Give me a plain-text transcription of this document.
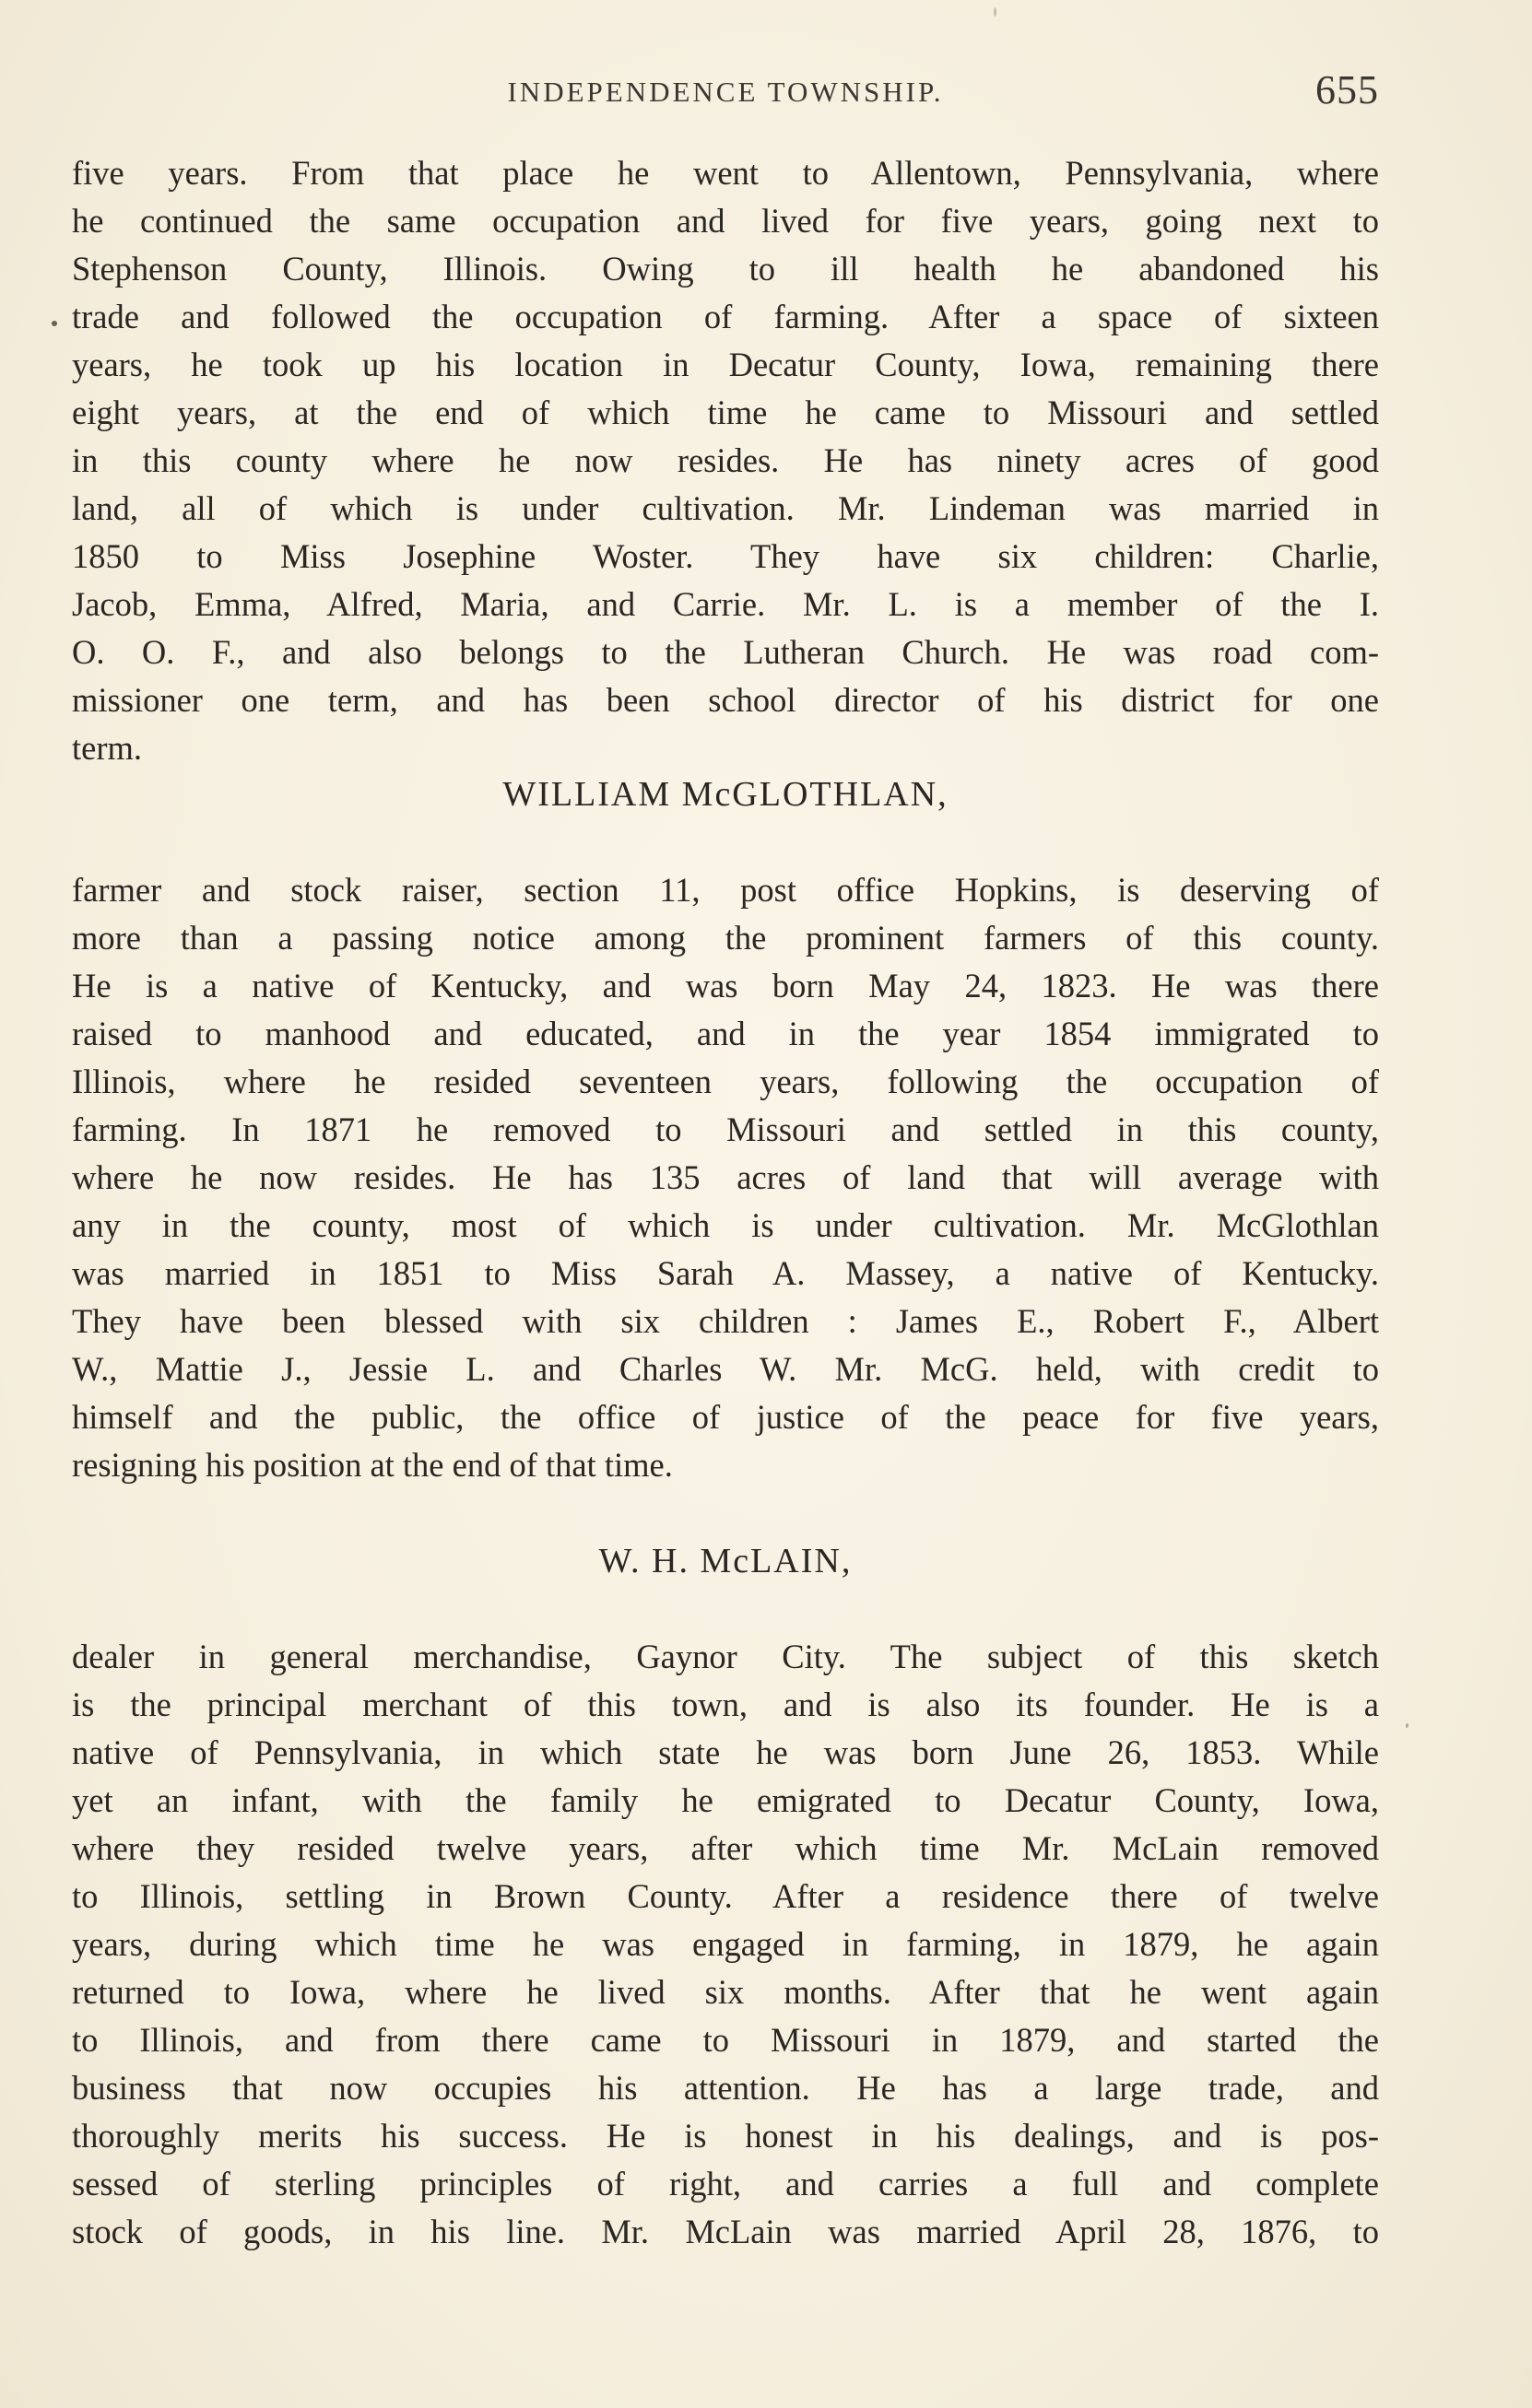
INDEPENDENCE TOWNSHIP.	655
five years. From that place he went to Allentown, Pennsylvania, where
he continued the same occupation and lived for five years, going next to
Stephenson County, Illinois. Owing to ill health he abandoned his
trade and followed the occupation of farming. After a space of sixteen
years, he took up his location in Decatur County, Iowa, remaining there
eight years, at the end of which time he came to Missouri and settled
in this county where he now resides. He has ninety acres of good
land, all of which is under cultivation. Mr. Lindeman was married in
1850 to Miss Josephine Woster. They have six children: Charlie,
Jacob, Emma, Alfred, Maria, and Carrie. Mr. L. is a member of the I.
O. O. F., and also belongs to the Lutheran Church. He was road com-
missioner one term, and has been school director of his district for one
term.
WILLIAM McGLOTHLAN,
farmer and stock raiser, section 11, post office Hopkins, is deserving of
more than a passing notice among the prominent farmers of this county.
He is a native of Kentucky, and was born May 24, 1823. He was there
raised to manhood and educated, and in the year 1854 immigrated to
Illinois, where he resided seventeen years, following the occupation of
farming. In 1871 he removed to Missouri and settled in this county,
where he now resides. He has 135 acres of land that will average with
any in the county, most of which is under cultivation. Mr. McGlothlan
was married in 1851 to Miss Sarah A. Massey, a native of Kentucky.
They have been blessed with six children : James E., Robert F., Albert
W., Mattie J., Jessie L. and Charles W. Mr. McG. held, with credit to
himself and the public, the office of justice of the peace for five years,
resigning his position at the end of that time.
W. H. McLAIN,
dealer in general merchandise, Gaynor City. The subject of this sketch
is the principal merchant of this town, and is also its founder. He is a
native of Pennsylvania, in which state he was born June 26, 1853. While
yet an infant, with the family he emigrated to Decatur County, Iowa,
where they resided twelve years, after which time Mr. McLain removed
to Illinois, settling in Brown County. After a residence there of twelve
years, during which time he was engaged in farming, in 1879, he again
returned to Iowa, where he lived six months. After that he went again
to Illinois, and from there came to Missouri in 1879, and started the
business that now occupies his attention. He has a large trade, and
thoroughly merits his success. He is honest in his dealings, and is pos-
sessed of sterling principles of right, and carries a full and complete
stock of goods, in his line. Mr. McLain was married April 28, 1876, to
